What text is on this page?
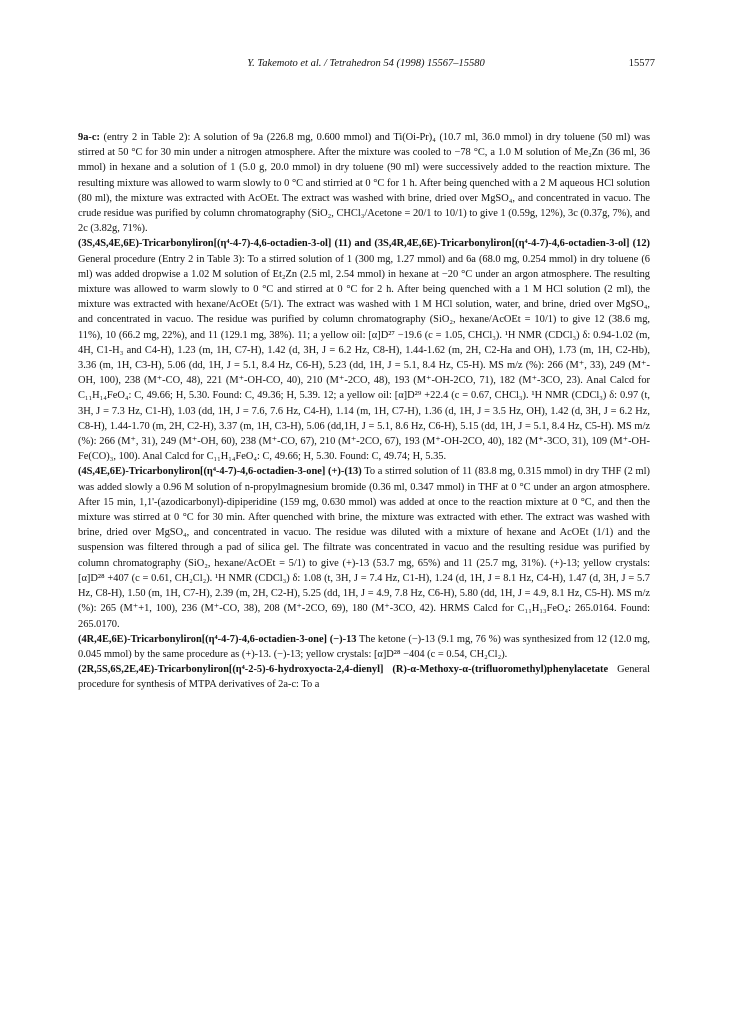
Y. Takemoto et al. / Tetrahedron 54 (1998) 15567–15580	15577

9a-c: (entry 2 in Table 2): A solution of 9a (226.8 mg, 0.600 mmol) and Ti(Oi-Pr)₄ (10.7 ml, 36.0 mmol) in dry toluene (50 ml) was stirred at 50 °C for 30 min under a nitrogen atmosphere. After the mixture was cooled to −78 °C, a 1.0 M solution of Me₂Zn (36 ml, 36 mmol) in hexane and a solution of 1 (5.0 g, 20.0 mmol) in dry toluene (90 ml) were successively added to the reaction mixture. The resulting mixture was allowed to warm slowly to 0 °C and stirried at 0 °C for 1 h. After being quenched with a 2 M aqueous HCl solution (80 ml), the mixture was extracted with AcOEt. The extract was washed with brine, dried over MgSO₄, and concentrated in vacuo. The crude residue was purified by column chromatography (SiO₂, CHCl₃/Acetone = 20/1 to 10/1) to give 1 (0.59g, 12%), 3c (0.37g, 7%), and 2c (3.82g, 71%).

(3S,4S,4E,6E)-Tricarbonyliron[(η⁴-4-7)-4,6-octadien-3-ol] (11) and (3S,4R,4E,6E)-Tricarbonyliron[(η⁴-4-7)-4,6-octadien-3-ol] (12) General procedure (Entry 2 in Table 3): To a stirred solution of 1 (300 mg, 1.27 mmol) and 6a (68.0 mg, 0.254 mmol) in dry toluene (6 ml) was added dropwise a 1.02 M solution of Et₂Zn (2.5 ml, 2.54 mmol) in hexane at −20 °C under an argon atmosphere. The resulting mixture was allowed to warm slowly to 0 °C and stirred at 0 °C for 2 h. After being quenched with a 1 M HCl solution (2 ml), the mixture was extracted with hexane/AcOEt (5/1). The extract was washed with 1 M HCl solution, water, and brine, dried over MgSO₄, and concentrated in vacuo. The residue was purified by column chromatography (SiO₂, hexane/AcOEt = 10/1) to give 12 (38.6 mg, 11%), 10 (66.2 mg, 22%), and 11 (129.1 mg, 38%). 11; a yellow oil: [α]D²⁷ −19.6 (c = 1.05, CHCl₃). ¹H NMR (CDCl₃) δ: 0.94-1.02 (m, 4H, C1-H₃ and C4-H), 1.23 (m, 1H, C7-H), 1.42 (d, 3H, J = 6.2 Hz, C8-H), 1.44-1.62 (m, 2H, C2-Ha and OH), 1.73 (m, 1H, C2-Hb), 3.36 (m, 1H, C3-H), 5.06 (dd, 1H, J = 5.1, 8.4 Hz, C6-H), 5.23 (dd, 1H, J = 5.1, 8.4 Hz, C5-H). MS m/z (%): 266 (M⁺, 33), 249 (M⁺-OH, 100), 238 (M⁺-CO, 48), 221 (M⁺-OH-CO, 40), 210 (M⁺-2CO, 48), 193 (M⁺-OH-2CO, 71), 182 (M⁺-3CO, 23). Anal Calcd for C₁₁H₁₄FeO₄: C, 49.66; H, 5.30. Found: C, 49.36; H, 5.39. 12; a yellow oil: [α]D²⁹ +22.4 (c = 0.67, CHCl₃). ¹H NMR (CDCl₃) δ: 0.97 (t, 3H, J = 7.3 Hz, C1-H), 1.03 (dd, 1H, J = 7.6, 7.6 Hz, C4-H), 1.14 (m, 1H, C7-H), 1.36 (d, 1H, J = 3.5 Hz, OH), 1.42 (d, 3H, J = 6.2 Hz, C8-H), 1.44-1.70 (m, 2H, C2-H), 3.37 (m, 1H, C3-H), 5.06 (dd,1H, J = 5.1, 8.6 Hz, C6-H), 5.15 (dd, 1H, J = 5.1, 8.4 Hz, C5-H). MS m/z (%): 266 (M⁺, 31), 249 (M⁺-OH, 60), 238 (M⁺-CO, 67), 210 (M⁺-2CO, 67), 193 (M⁺-OH-2CO, 40), 182 (M⁺-3CO, 31), 109 (M⁺-OH-Fe(CO)₃, 100). Anal Calcd for C₁₁H₁₄FeO₄: C, 49.66; H, 5.30. Found: C, 49.74; H, 5.35.

(4S,4E,6E)-Tricarbonyliron[(η⁴-4-7)-4,6-octadien-3-one] (+)-(13) To a stirred solution of 11 (83.8 mg, 0.315 mmol) in dry THF (2 ml) was added slowly a 0.96 M solution of n-propylmagnesium bromide (0.36 ml, 0.347 mmol) in THF at 0 °C under an argon atmosphere. After 15 min, 1,1'-(azodicarbonyl)-dipiperidine (159 mg, 0.630 mmol) was added at once to the reaction mixture at 0 °C, and then the mixture was stirred at 0 °C for 30 min. After quenched with brine, the mixture was extracted with ether. The extract was washed with brine, dried over MgSO₄, and concentrated in vacuo. The residue was diluted with a mixture of hexane and AcOEt (1/1) and the suspension was filtered through a pad of silica gel. The filtrate was concentrated in vacuo and the resulting residue was purified by column chromatography (SiO₂, hexane/AcOEt = 5/1) to give (+)-13 (53.7 mg, 65%) and 11 (25.7 mg, 31%). (+)-13; yellow crystals: [α]D²⁸ +407 (c = 0.61, CH₂Cl₂). ¹H NMR (CDCl₃) δ: 1.08 (t, 3H, J = 7.4 Hz, C1-H), 1.24 (d, 1H, J = 8.1 Hz, C4-H), 1.47 (d, 3H, J = 5.7 Hz, C8-H), 1.50 (m, 1H, C7-H), 2.39 (m, 2H, C2-H), 5.25 (dd, 1H, J = 4.9, 7.8 Hz, C6-H), 5.80 (dd, 1H, J = 4.9, 8.1 Hz, C5-H). MS m/z (%): 265 (M⁺+1, 100), 236 (M⁺-CO, 38), 208 (M⁺-2CO, 69), 180 (M⁺-3CO, 42). HRMS Calcd for C₁₁H₁₃FeO₄: 265.0164. Found: 265.0170.

(4R,4E,6E)-Tricarbonyliron[(η⁴-4-7)-4,6-octadien-3-one] (−)-13 The ketone (−)-13 (9.1 mg, 76 %) was synthesized from 12 (12.0 mg, 0.045 mmol) by the same procedure as (+)-13. (−)-13; yellow crystals: [α]D²⁸ −404 (c = 0.54, CH₂Cl₂).

(2R,5S,6S,2E,4E)-Tricarbonyliron[(η⁴-2-5)-6-hydroxyocta-2,4-dienyl] (R)-α-Methoxy-α-(trifluoromethyl)phenylacetate General procedure for synthesis of MTPA derivatives of 2a-c: To a
